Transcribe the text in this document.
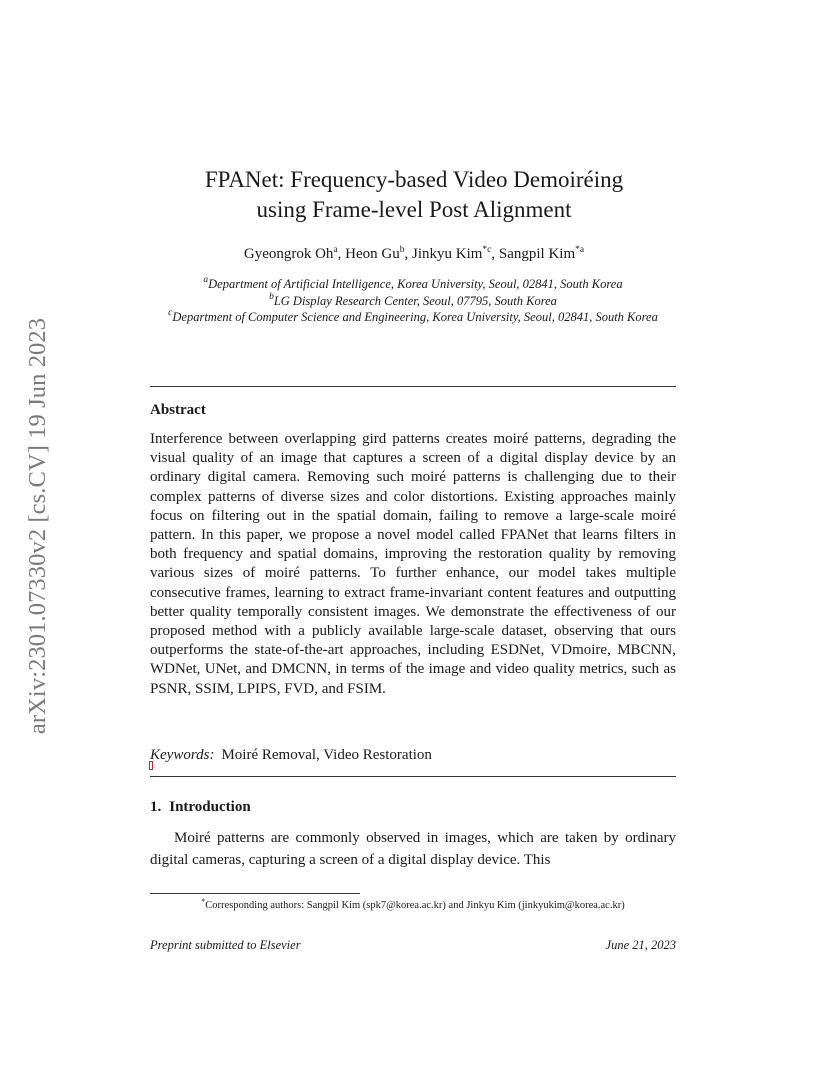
arXiv:2301.07330v2 [cs.CV] 19 Jun 2023
FPANet: Frequency-based Video Demoiréing
using Frame-level Post Alignment
Gyeongrok Oh$^a$, Heon Gu$^b$, Jinkyu Kim$^{*c}$, Sangpil Kim$^{*a}$
$^a$Department of Artificial Intelligence, Korea University, Seoul, 02841, South Korea
$^b$LG Display Research Center, Seoul, 07795, South Korea
$^c$Department of Computer Science and Engineering, Korea University, Seoul, 02841, South Korea
Abstract
Interference between overlapping gird patterns creates moiré patterns, degrading the visual quality of an image that captures a screen of a digital display device by an ordinary digital camera. Removing such moiré patterns is challenging due to their complex patterns of diverse sizes and color distortions. Existing approaches mainly focus on filtering out in the spatial domain, failing to remove a large-scale moiré pattern. In this paper, we propose a novel model called FPANet that learns filters in both frequency and spatial domains, improving the restoration quality by removing various sizes of moiré patterns. To further enhance, our model takes multiple consecutive frames, learning to extract frame-invariant content features and outputting better quality temporally consistent images. We demonstrate the effectiveness of our proposed method with a publicly available large-scale dataset, observing that ours outperforms the state-of-the-art approaches, including ESDNet, VDmoire, MBCNN, WDNet, UNet, and DMCNN, in terms of the image and video quality metrics, such as PSNR, SSIM, LPIPS, FVD, and FSIM.
Keywords: Moiré Removal, Video Restoration
1. Introduction
Moiré patterns are commonly observed in images, which are taken by ordinary digital cameras, capturing a screen of a digital display device. This
*Corresponding authors: Sangpil Kim (spk7@korea.ac.kr) and Jinkyu Kim (jinkyukim@korea.ac.kr)
Preprint submitted to Elsevier	June 21, 2023
